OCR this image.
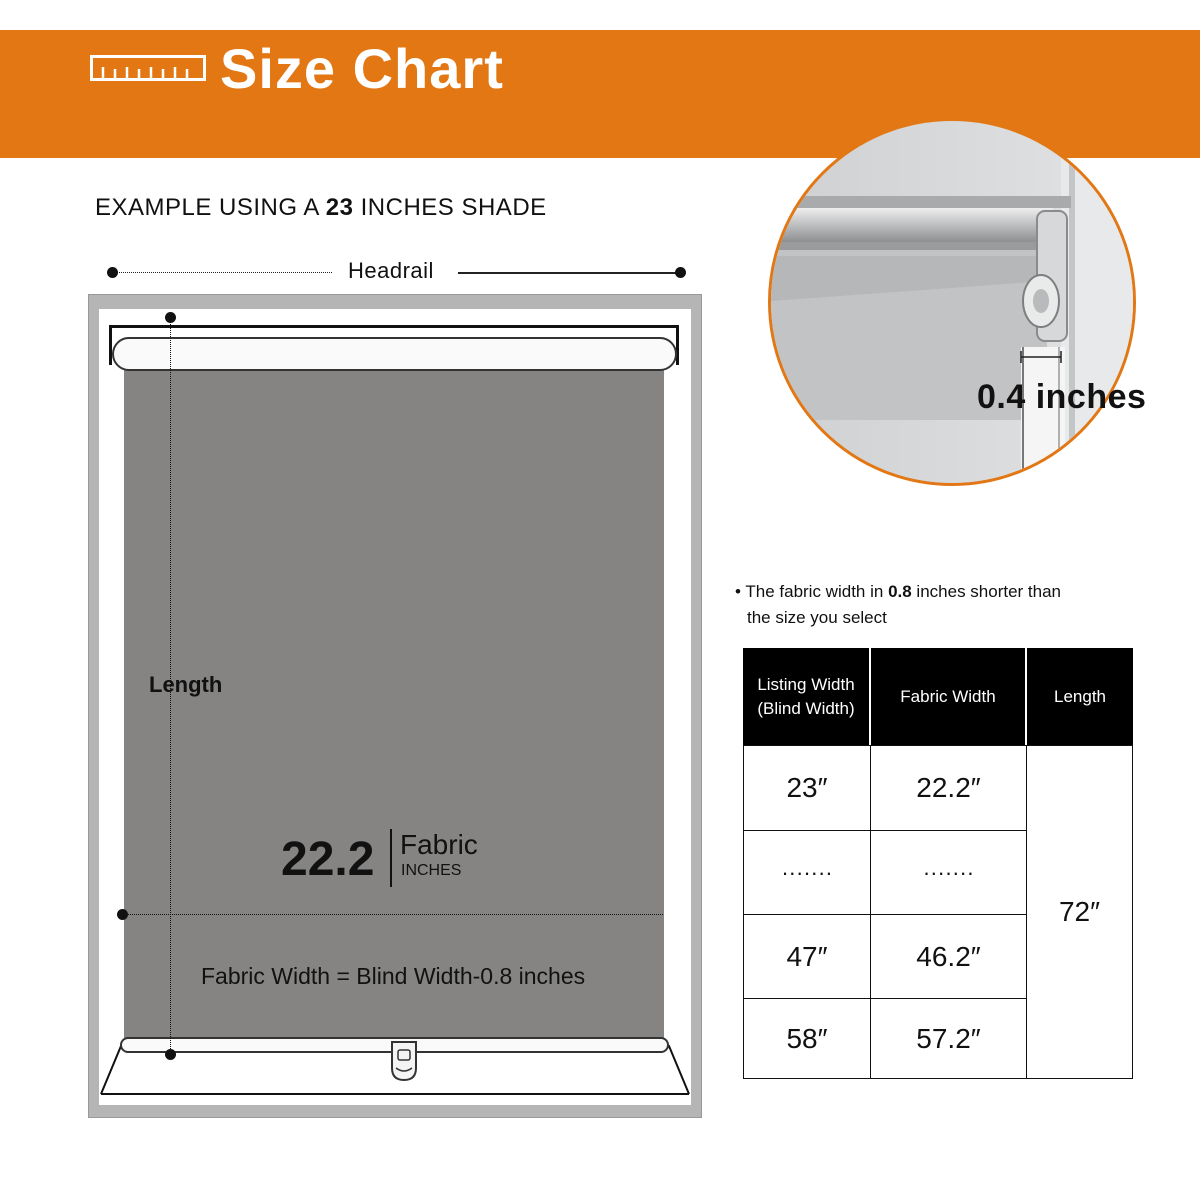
Size Chart
EXAMPLE USING A 23 INCHES SHADE
Headrail
Length
22.2 Fabric
INCHES
Fabric Width = Blind Width-0.8 inches
0.4 inches
• The fabric width in 0.8 inches shorter than
the size you select
Listing Width
(Blind Width)
Fabric Width	Length
23″	22.2″
·······	·······
47″	46.2″
58″	57.2″
72″
